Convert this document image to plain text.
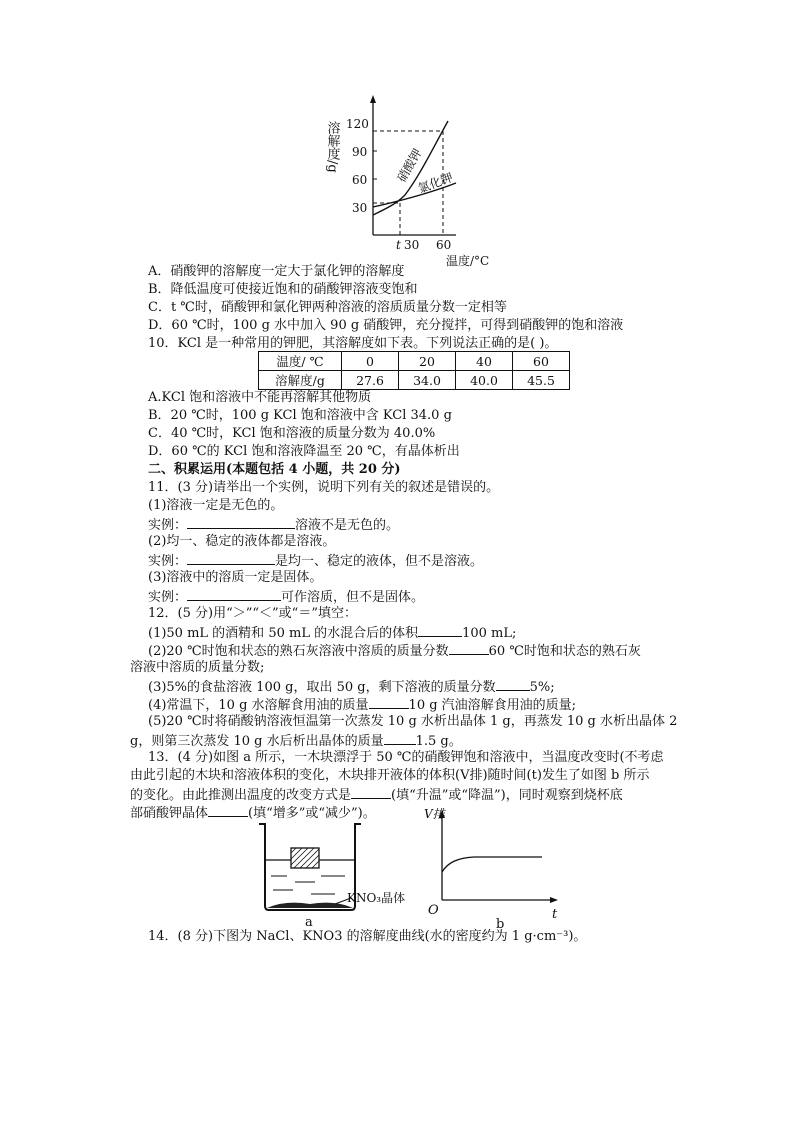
溶解度/g 120
90
60
30
硝酸钾
氯化钾
t 30 60
温度/°C
A．硝酸钾的溶解度一定大于氯化钾的溶解度
B．降低温度可使接近饱和的硝酸钾溶液变饱和
C．t ℃时，硝酸钾和氯化钾两种溶液的溶质质量分数一定相等
D．60 ℃时，100 g 水中加入 90 g 硝酸钾，充分搅拌，可得到硝酸钾的饱和溶液
10．KCl 是一种常用的钾肥，其溶解度如下表。下列说法正确的是( )。
温度/ ℃	0	20	40	60
溶解度/g	27.6	34.0	40.0	45.5
A.KCl 饱和溶液中不能再溶解其他物质
B．20 ℃时，100 g KCl 饱和溶液中含 KCl 34.0 g
C．40 ℃时，KCl 饱和溶液的质量分数为 40.0%
D．60 ℃的 KCl 饱和溶液降温至 20 ℃，有晶体析出
二、积累运用(本题包括 4 小题，共 20 分)
11．(3 分)请举出一个实例，说明下列有关的叙述是错误的。
(1)溶液一定是无色的。
实例：	溶液不是无色的。
(2)均一、稳定的液体都是溶液。
实例：	是均一、稳定的液体，但不是溶液。
(3)溶液中的溶质一定是固体。
实例：	可作溶质，但不是固体。
12．(5 分)用“＞”“＜”或“＝”填空：
(1)50 mL 的酒精和 50 mL 的水混合后的体积	100 mL;
(2)20 ℃时饱和状态的熟石灰溶液中溶质的质量分数	60 ℃时饱和状态的熟石灰
溶液中溶质的质量分数;
(3)5%的食盐溶液 100 g，取出 50 g，剩下溶液的质量分数	5%;
(4)常温下，10 g 水溶解食用油的质量	10 g 汽油溶解食用油的质量;
(5)20 ℃时将硝酸钠溶液恒温第一次蒸发 10 g 水析出晶体 1 g，再蒸发 10 g 水析出晶体 2
g，则第三次蒸发 10 g 水后析出晶体的质量 1.5 g。
13．(4 分)如图 a 所示，一木块漂浮于 50 ℃的硝酸钾饱和溶液中，当温度改变时(不考虑
由此引起的木块和溶液体积的变化，木块排开液体的体积(V排)随时间(t)发生了如图 b 所示
的变化。由此推测出温度的改变方式是	(填“升温”或“降温”)，同时观察到烧杯底
部硝酸钾晶体	(填“增多”或“减少”)。
KNO₃晶体
a
V排
O	t
b
14．(8 分)下图为 NaCl、KNO3 的溶解度曲线(水的密度约为 1 g·cm⁻³)。
